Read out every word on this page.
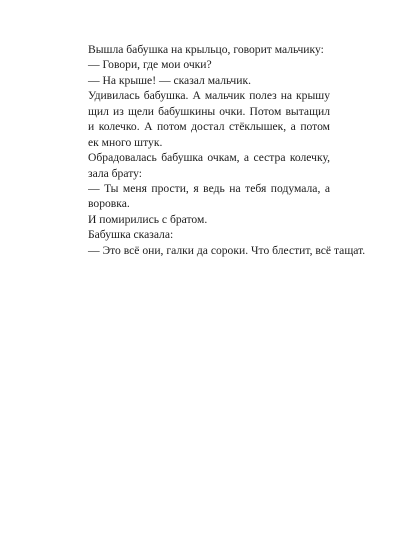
Вышла бабушка на крыльцо, говорит мальчику:
— Говори, где мои очки?
— На крыше! — сказал мальчик.
Удивилась бабушка. А мальчик полез на крышу
щил из щели бабушкины очки. Потом вытащил
и колечко. А потом достал стёклышек, а потом
ек много штук.
Обрадовалась бабушка очкам, а сестра колечку,
зала брату:
— Ты меня прости, я ведь на тебя подумала, а
воровка.
И помирились с братом.
Бабушка сказала:
— Это всё они, галки да сороки. Что блестит, всё тащат.
